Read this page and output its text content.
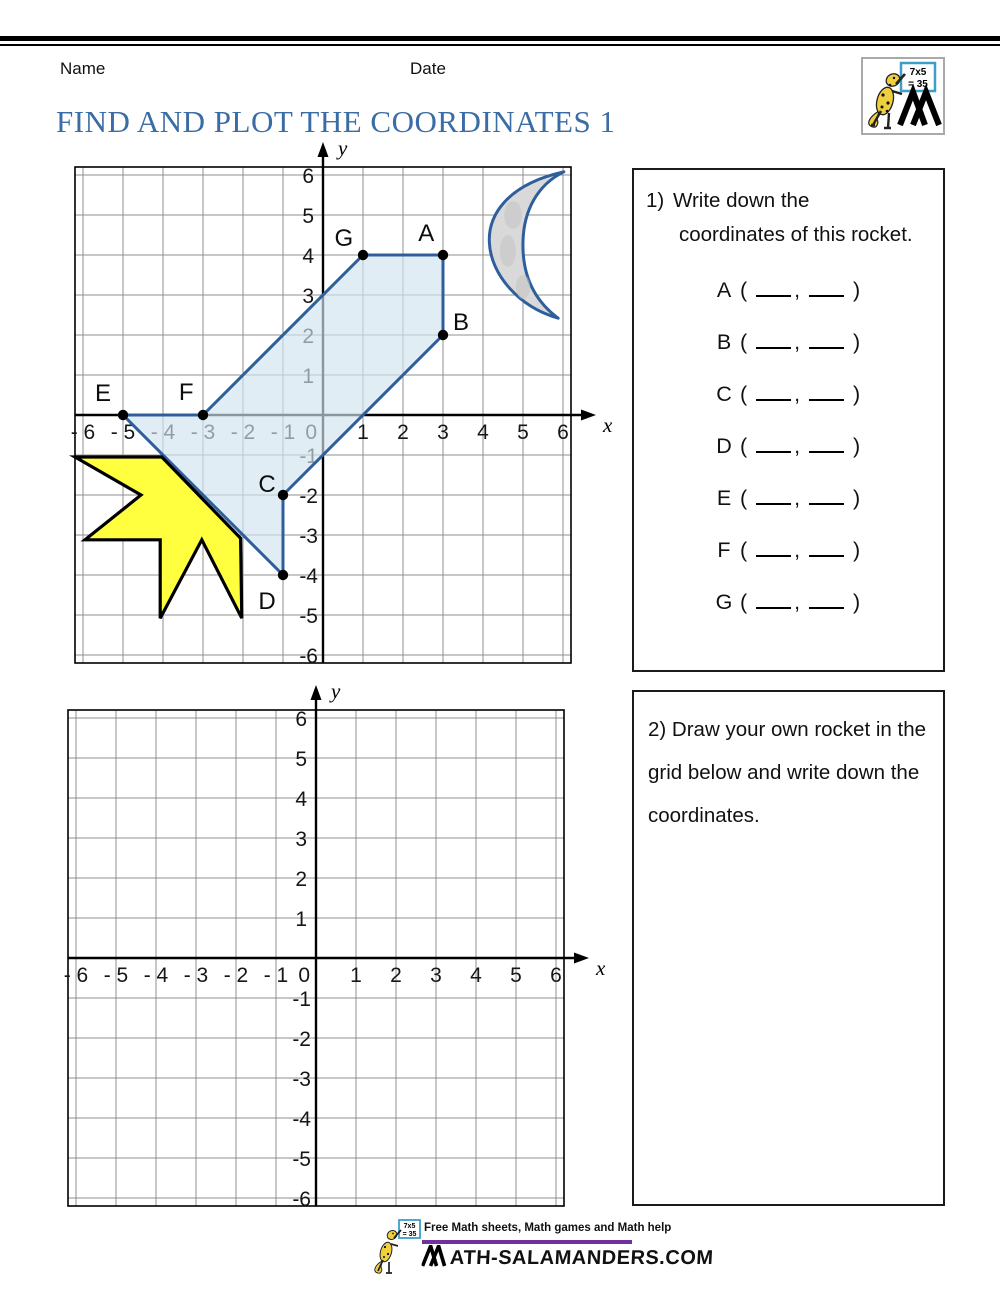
Name	Date	7x5
= 35
FIND AND PLOT THE COORDINATES 1
x
y
- 6 - 5	1 2 3 4 5 6
-2
3
-3
4
-4
5
-5
6
-6
A
B
C
D
E	F
G
x
y
- 6 - 5 - 4 - 3 - 2 - 1 0 1 2 3 4 5 6
1
-1
2
-2
3
-3
4
-4
5
-5
6
-6
1) Write down the
coordinates of this rocket.
A ( ,  )
B ( ,  )
C ( ,  )
D ( ,  )
E ( ,  )
F ( ,  )
G ( ,  )
2) Draw your own rocket in the
grid below and write down the
coordinates.
7x5
= 35
Free Math sheets, Math games and Math help
ATH-SALAMANDERS.COM
